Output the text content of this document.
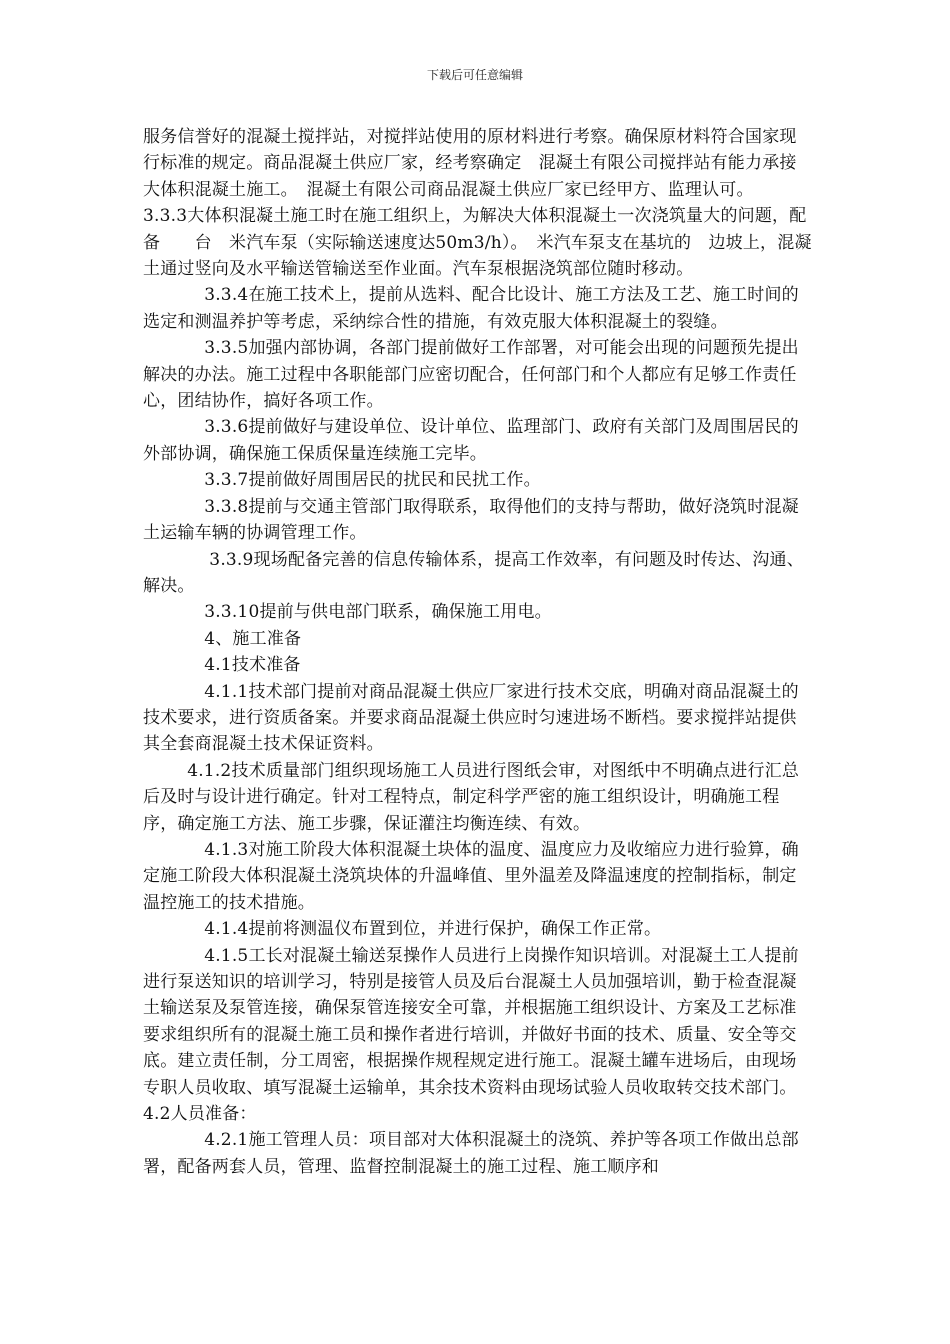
下载后可任意编辑

服务信誉好的混凝土搅拌站，对搅拌站使用的原材料进行考察。确保原材料符合国家现行标准的规定。商品混凝土供应厂家，经考察确定　混凝土有限公司搅拌站有能力承接大体积混凝土施工。　混凝土有限公司商品混凝土供应厂家已经甲方、监理认可。

3.3.3大体积混凝土施工时在施工组织上，为解决大体积混凝土一次浇筑量大的问题，配备　　台　米汽车泵（实际输送速度达50m3/h）。　米汽车泵支在基坑的　边坡上，混凝土通过竖向及水平输送管输送至作业面。汽车泵根据浇筑部位随时移动。

3.3.4在施工技术上，提前从选料、配合比设计、施工方法及工艺、施工时间的选定和测温养护等考虑，采纳综合性的措施，有效克服大体积混凝土的裂缝。

3.3.5加强内部协调，各部门提前做好工作部署，对可能会出现的问题预先提出解决的办法。施工过程中各职能部门应密切配合，任何部门和个人都应有足够工作责任心，团结协作，搞好各项工作。

3.3.6提前做好与建设单位、设计单位、监理部门、政府有关部门及周围居民的外部协调，确保施工保质保量连续施工完毕。

3.3.7提前做好周围居民的扰民和民扰工作。

3.3.8提前与交通主管部门取得联系，取得他们的支持与帮助，做好浇筑时混凝土运输车辆的协调管理工作。

3.3.9现场配备完善的信息传输体系，提高工作效率，有问题及时传达、沟通、解决。

3.3.10提前与供电部门联系，确保施工用电。

4、施工准备

4.1技术准备

4.1.1技术部门提前对商品混凝土供应厂家进行技术交底，明确对商品混凝土的技术要求，进行资质备案。并要求商品混凝土供应时匀速进场不断档。要求搅拌站提供其全套商混凝土技术保证资料。

4.1.2技术质量部门组织现场施工人员进行图纸会审，对图纸中不明确点进行汇总后及时与设计进行确定。针对工程特点，制定科学严密的施工组织设计，明确施工程序，确定施工方法、施工步骤，保证灌注均衡连续、有效。

4.1.3对施工阶段大体积混凝土块体的温度、温度应力及收缩应力进行验算，确定施工阶段大体积混凝土浇筑块体的升温峰值、里外温差及降温速度的控制指标，制定温控施工的技术措施。

4.1.4提前将测温仪布置到位，并进行保护，确保工作正常。

4.1.5工长对混凝土输送泵操作人员进行上岗操作知识培训。对混凝土工人提前进行泵送知识的培训学习，特别是接管人员及后台混凝土人员加强培训，勤于检查混凝土输送泵及泵管连接，确保泵管连接安全可靠，并根据施工组织设计、方案及工艺标准要求组织所有的混凝土施工员和操作者进行培训，并做好书面的技术、质量、安全等交底。建立责任制，分工周密，根据操作规程规定进行施工。混凝土罐车进场后，由现场专职人员收取、填写混凝土运输单，其余技术资料由现场试验人员收取转交技术部门。

4.2人员准备：

4.2.1施工管理人员：项目部对大体积混凝土的浇筑、养护等各项工作做出总部署，配备两套人员，管理、监督控制混凝土的施工过程、施工顺序和
